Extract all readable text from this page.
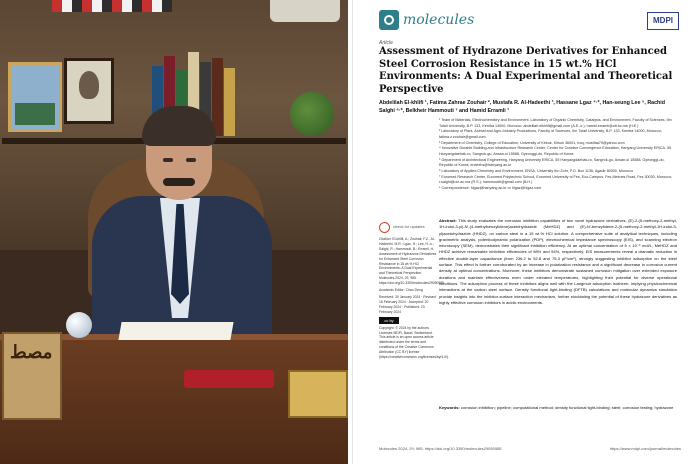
مصط
molecules	MDPI
Article
Assessment of Hydrazone Derivatives for Enhanced Steel Corrosion Resistance in 15 wt.% HCl Environments: A Dual Experimental and Theoretical Perspective
Abdelilah El-khlifi ¹, Fatima Zahrae Zouhair ², Mustafa R. Al-Hadeethi ³, Hassane Lgaz ⁴·*, Han-seung Lee ⁵, Rachid Salghi ⁶·*, Belkheir Hammouti ⁷ and Hamid Erramli ¹

¹ Team of Materials, Electrochemistry and Environment, Laboratory of Organic Chemistry, Catalysis, and Environment, Faculty of Sciences, Ibn Tofail University, B.P. 133, Kenitra 14000, Morocco; abdelilah.elkhlifi@gmail.com (A.E.-k.); hamid.erramli@uit.ac.ma (H.E.)

² Laboratory of Plant, Animal and Agro-Industry Productions, Faculty of Sciences, Ibn Tofail University, B.P. 133, Kenitra 14000, Morocco; fatima.z.zouhair@gmail.com

³ Department of Chemistry, College of Education, University of Kirkuk, Kirkuk 36001, Iraq; mustfaa79@yahoo.com

⁴ Innovative Durable Building and Infrastructure Research Center, Center for Creative Convergence Education, Hanyang University ERICA, 55 Hanyangdaehak-ro, Sangrok-gu, Ansan-si 15588, Gyeonggi-do, Republic of Korea

⁵ Department of Architectural Engineering, Hanyang University ERICA, 55 Hanyangdaehak-ro, Sangrok-gu, Ansan-si 15588, Gyeonggi-do, Republic of Korea; ercleehs@hanyang.ac.kr

⁶ Laboratory of Applied Chemistry and Environment, ENSA, University Ibn Zohr, P.O. Box 1136, Agadir 80000, Morocco

⁷ Euromed Research Center, Euromed Polytechnic School, Euromed University of Fes, Eco-Campus, Fes-Meknes Road, Fes 30030, Morocco; r.salghi@uiz.ac.ma (R.S.); hammoutib@gmail.com (B.H.)

* Correspondence: hlgaz@hanyang.ac.kr or hlgaz@hlgaz.com

check for updates

Citation: El-khlifi, A.; Zouhair, F.Z.; Al-Hadeethi, M.R.; Lgaz, H.; Lee, H.-s.; Salghi, R.; Hammouti, B.; Erramli, H. Assessment of Hydrazone Derivatives for Enhanced Steel Corrosion Resistance in 15 wt.% HCl Environments: A Dual Experimental and Theoretical Perspective. Molecules 2024, 29, 985. https://doi.org/10.3390/molecules29050985

Academic Editor: Chao Deng

Received: 30 January 2024 · Revised: 16 February 2024 · Accepted: 20 February 2024 · Published: 23 February 2024

cc by

Copyright: © 2024 by the authors. Licensee MDPI, Basel, Switzerland. This article is an open access article distributed under the terms and conditions of the Creative Commons Attribution (CC BY) license (https://creativecommons.org/licenses/by/4.0/).

Abstract: This study evaluates the corrosion inhibition capabilities of two novel hydrazone derivatives, (E)-2-(5-methoxy-2-methyl-1H-indol-3-yl)-N'-(4-methylbenzylidene)acetohydrazide (MeHDZ) and (E)-N'-benzylidene-2-(5-methoxy-2-methyl-1H-indol-3-yl)acetohydrazide (HHDZ), on carbon steel in a 15 wt.% HCl solution. A comprehensive suite of analytical techniques, including gravimetric analysis, potentiodynamic polarization (PDP), electrochemical impedance spectroscopy (EIS), and scanning electron microscopy (SEM), demonstrates their significant inhibition efficiency. At an optimal concentration of 5 × 10⁻³ mol/L, MeHDZ and HHDZ achieve remarkable inhibition efficiencies of 98% and 94%, respectively. EIS measurements reveal a dramatic reduction in effective double-layer capacitance (from 236.2 to 52.8 and 75.3 μF/cm²), strongly suggesting inhibitor adsorption on the steel surface. This effect is further corroborated by an increase in polarization resistance and a significant decrease in corrosion current density at optimal concentrations. Moreover, these inhibitors demonstrate sustained corrosion mitigation over extended exposure durations and maintain effectiveness even under elevated temperatures, highlighting their potential for diverse operational conditions. The adsorption process of these inhibitors aligns well with the Langmuir adsorption isotherm, implying physicochemical interactions at the carbon steel surface. Density functional tight-binding (DFTB) calculations and molecular dynamics simulation provide insights into the inhibitor-surface interaction mechanism, further elucidating the potential of these hydrazone derivatives as highly effective corrosion inhibitors in acidic environments.
Keywords: corrosion inhibition; pipeline; computational method; density functional tight-binding; steel; corrosion testing; hydrazone
Molecules 2024, 29, 985. https://doi.org/10.3390/molecules29050985	https://www.mdpi.com/journal/molecules
